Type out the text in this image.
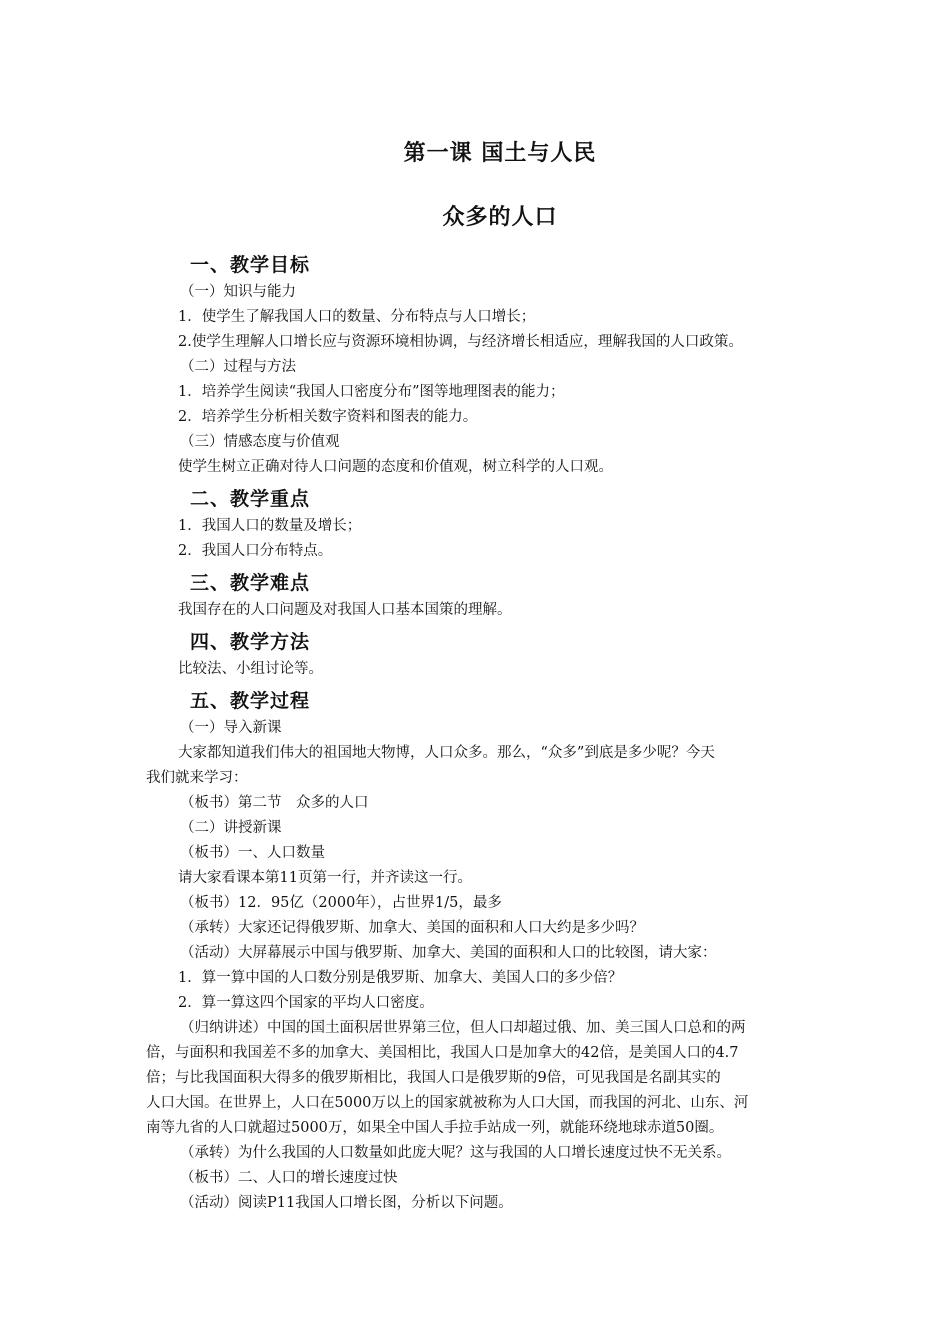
第一课 国土与人民
众多的人口
一、教学目标
（一）知识与能力
1．使学生了解我国人口的数量、分布特点与人口增长；
2.使学生理解人口增长应与资源环境相协调，与经济增长相适应，理解我国的人口政策。
（二）过程与方法
1．培养学生阅读“我国人口密度分布”图等地理图表的能力；
2．培养学生分析相关数字资料和图表的能力。
（三）情感态度与价值观
使学生树立正确对待人口问题的态度和价值观，树立科学的人口观。
二、教学重点
1．我国人口的数量及增长；
2．我国人口分布特点。
三、教学难点
我国存在的人口问题及对我国人口基本国策的理解。
四、教学方法
比较法、小组讨论等。
五、教学过程
（一）导入新课
大家都知道我们伟大的祖国地大物博，人口众多。那么，“众多”到底是多少呢？今天
我们就来学习：
（板书）第二节　众多的人口
（二）讲授新课
（板书）一、人口数量
请大家看课本第11页第一行，并齐读这一行。
（板书）12．95亿（2000年），占世界1/5，最多
（承转）大家还记得俄罗斯、加拿大、美国的面积和人口大约是多少吗？
（活动）大屏幕展示中国与俄罗斯、加拿大、美国的面积和人口的比较图，请大家：
1．算一算中国的人口数分别是俄罗斯、加拿大、美国人口的多少倍？
2．算一算这四个国家的平均人口密度。
（归纳讲述）中国的国土面积居世界第三位，但人口却超过俄、加、美三国人口总和的两
倍，与面积和我国差不多的加拿大、美国相比，我国人口是加拿大的42倍，是美国人口的4.7
倍；与比我国面积大得多的俄罗斯相比，我国人口是俄罗斯的9倍，可见我国是名副其实的
人口大国。在世界上，人口在5000万以上的国家就被称为人口大国，而我国的河北、山东、河
南等九省的人口就超过5000万，如果全中国人手拉手站成一列，就能环绕地球赤道50圈。
（承转）为什么我国的人口数量如此庞大呢？这与我国的人口增长速度过快不无关系。
（板书）二、人口的增长速度过快
（活动）阅读P11我国人口增长图，分析以下问题。
